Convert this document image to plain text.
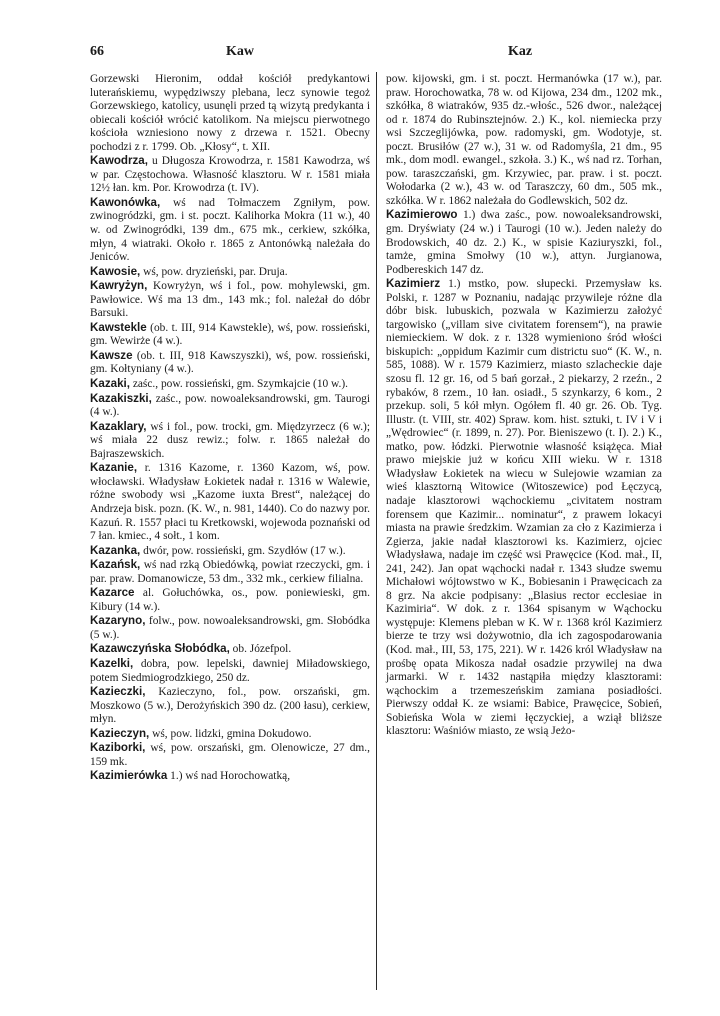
66	Kaw	Kaz

Gorzewski Hieronim, oddał kościół predykantowi luterańskiemu, wypędziwszy plebana, lecz synowie tegoż Gorzewskiego, katolicy, usunęli przed tą wizytą predykanta i obiecali kościół wrócić katolikom. Na miejscu pierwotnego kościoła wzniesiono nowy z drzewa r. 1521. Obecny pochodzi z r. 1799. Ob. „Kłosy“, t. XII.

Kawodrza, u Długosza Krowodrza, r. 1581 Kawodrza, wś w par. Częstochowa. Własność klasztoru. W r. 1581 miała 12½ łan. km. Por. Krowodrza (t. IV).

Kawonówka, wś nad Tołmaczem Zgniłym, pow. zwinogródzki, gm. i st. poczt. Kalihorka Mokra (11 w.), 40 w. od Zwinogródki, 139 dm., 675 mk., cerkiew, szkółka, młyn, 4 wiatraki. Około r. 1865 z Antonówką należała do Jeniców.

Kawosie, wś, pow. dryzieński, par. Druja.

Kawryżyn, Kowryżyn, wś i fol., pow. mohylewski, gm. Pawłowice. Wś ma 13 dm., 143 mk.; fol. należał do dóbr Barsuki.

Kawstekle (ob. t. III, 914 Kawstekle), wś, pow. rossieński, gm. Wewirże (4 w.).

Kawsze (ob. t. III, 918 Kawszyszki), wś, pow. rossieński, gm. Kołtyniany (4 w.).

Kazaki, zaśc., pow. rossieński, gm. Szymkajcie (10 w.).

Kazakiszki, zaśc., pow. nowoaleksandrowski, gm. Taurogi (4 w.).

Kazaklary, wś i fol., pow. trocki, gm. Międzyrzecz (6 w.); wś miała 22 dusz rewiz.; folw. r. 1865 należał do Bajraszewskich.

Kazanie, r. 1316 Kazome, r. 1360 Kazom, wś, pow. włocławski. Władysław Łokietek nadał r. 1316 w Walewie, różne swobody wsi „Kazome iuxta Brest“, należącej do Andrzeja bisk. pozn. (K. W., n. 981, 1440). Co do nazwy por. Kazuń. R. 1557 płaci tu Kretkowski, wojewoda poznański od 7 łan. kmiec., 4 sołt., 1 kom.

Kazanka, dwór, pow. rossieński, gm. Szydłów (17 w.).

Kazańsk, wś nad rzką Obiedówką, powiat rzeczycki, gm. i par. praw. Domanowicze, 53 dm., 332 mk., cerkiew filialna.

Kazarce al. Gołuchówka, os., pow. poniewieski, gm. Kibury (14 w.).

Kazaryno, folw., pow. nowoaleksandrowski, gm. Słobódka (5 w.).

Kazawczyńska Słobódka, ob. Józefpol.

Kazelki, dobra, pow. lepelski, dawniej Miładowskiego, potem Siedmiogrodzkiego, 250 dz.

Kazieczki, Kazieczyno, fol., pow. orszański, gm. Moszkowo (5 w.), Derożyńskich 390 dz. (200 łasu), cerkiew, młyn.

Kazieczyn, wś, pow. lidzki, gmina Dokudowo.

Kaziborki, wś, pow. orszański, gm. Olenowicze, 27 dm., 159 mk.

Kazimierówka 1.) wś nad Horochowatką,

pow. kijowski, gm. i st. poczt. Hermanówka (17 w.), par. praw. Horochowatka, 78 w. od Kijowa, 234 dm., 1202 mk., szkółka, 8 wiatraków, 935 dz.-włośc., 526 dwor., należącej od r. 1874 do Rubinsztejnów. 2.) K., kol. niemiecka przy wsi Szczeglijówka, pow. radomyski, gm. Wodotyje, st. poczt. Brusiłów (27 w.), 31 w. od Radomyśla, 21 dm., 95 mk., dom modl. ewangel., szkoła. 3.) K., wś nad rz. Torhan, pow. taraszczański, gm. Krzywiec, par. praw. i st. poczt. Wołodarka (2 w.), 43 w. od Taraszczy, 60 dm., 505 mk., szkółka. W r. 1862 należała do Godlewskich, 502 dz.

Kazimierowo 1.) dwa zaśc., pow. nowoaleksandrowski, gm. Dryświaty (24 w.) i Taurogi (10 w.). Jeden należy do Brodowskich, 40 dz. 2.) K., w spisie Kaziuryszki, fol., tamże, gmina Smołwy (10 w.), attyn. Jurgianowa, Podbereskich 147 dz.

Kazimierz 1.) mstko, pow. słupecki. Przemysław ks. Polski, r. 1287 w Poznaniu, nadając przywileje różne dla dóbr bisk. lubuskich, pozwala w Kazimierzu założyć targowisko („villam sive civitatem forensem“), na prawie niemieckiem. W dok. z r. 1328 wymieniono śród włości biskupich: „oppidum Kazimir cum districtu suo“ (K. W., n. 585, 1088). W r. 1579 Kazimierz, miasto szlacheckie daje szosu fl. 12 gr. 16, od 5 bań gorzał., 2 piekarzy, 2 rzeźn., 2 rybaków, 8 rzem., 10 łan. osiadł., 5 szynkarzy, 6 kom., 2 przekup. soli, 5 kół młyn. Ogółem fl. 40 gr. 26. Ob. Tyg. Illustr. (t. VIII, str. 402) Spraw. kom. hist. sztuki, t. IV i V i „Wędrowiec“ (r. 1899, n. 27). Por. Bieniszewo (t. I). 2.) K., matko, pow. łódzki. Pierwotnie własność książęca. Miał prawo miejskie już w końcu XIII wieku. W r. 1318 Władysław Łokietek na wiecu w Sulejowie wzamian za wieś klasztorną Witowice (Witoszewice) pod Łęczycą, nadaje klasztorowi wąchockiemu „civitatem nostram forensem que Kazimir... nominatur“, z prawem lokacyi miasta na prawie średzkim. Wzamian za cło z Kazimierza i Zgierza, jakie nadał klasztorowi ks. Kazimierz, ojciec Władysława, nadaje im część wsi Prawęcice (Kod. mał., II, 241, 242). Jan opat wąchocki nadał r. 1343 słudze swemu Michałowi wójtowstwo w K., Bobiesanin i Prawęcicach za 8 grz. Na akcie podpisany: „Blasius rector ecclesiae in Kazimiria“. W dok. z r. 1364 spisanym w Wąchocku występuje: Klemens pleban w K. W r. 1368 król Kazimierz bierze te trzy wsi dożywotnio, dla ich zagospodarowania (Kod. mał., III, 53, 175, 221). W r. 1426 król Władysław na prośbę opata Mikosza nadał osadzie przywilej na dwa jarmarki. W r. 1432 nastąpiła między klasztorami: wąchockim a trzemeszeńskim zamiana posiadłości. Pierwszy oddał K. ze wsiami: Babice, Prawęcice, Sobień, Sobieńska Wola w ziemi łęczyckiej, a wziął bliższe klasztoru: Waśniów miasto, ze wsią Jeżo-
